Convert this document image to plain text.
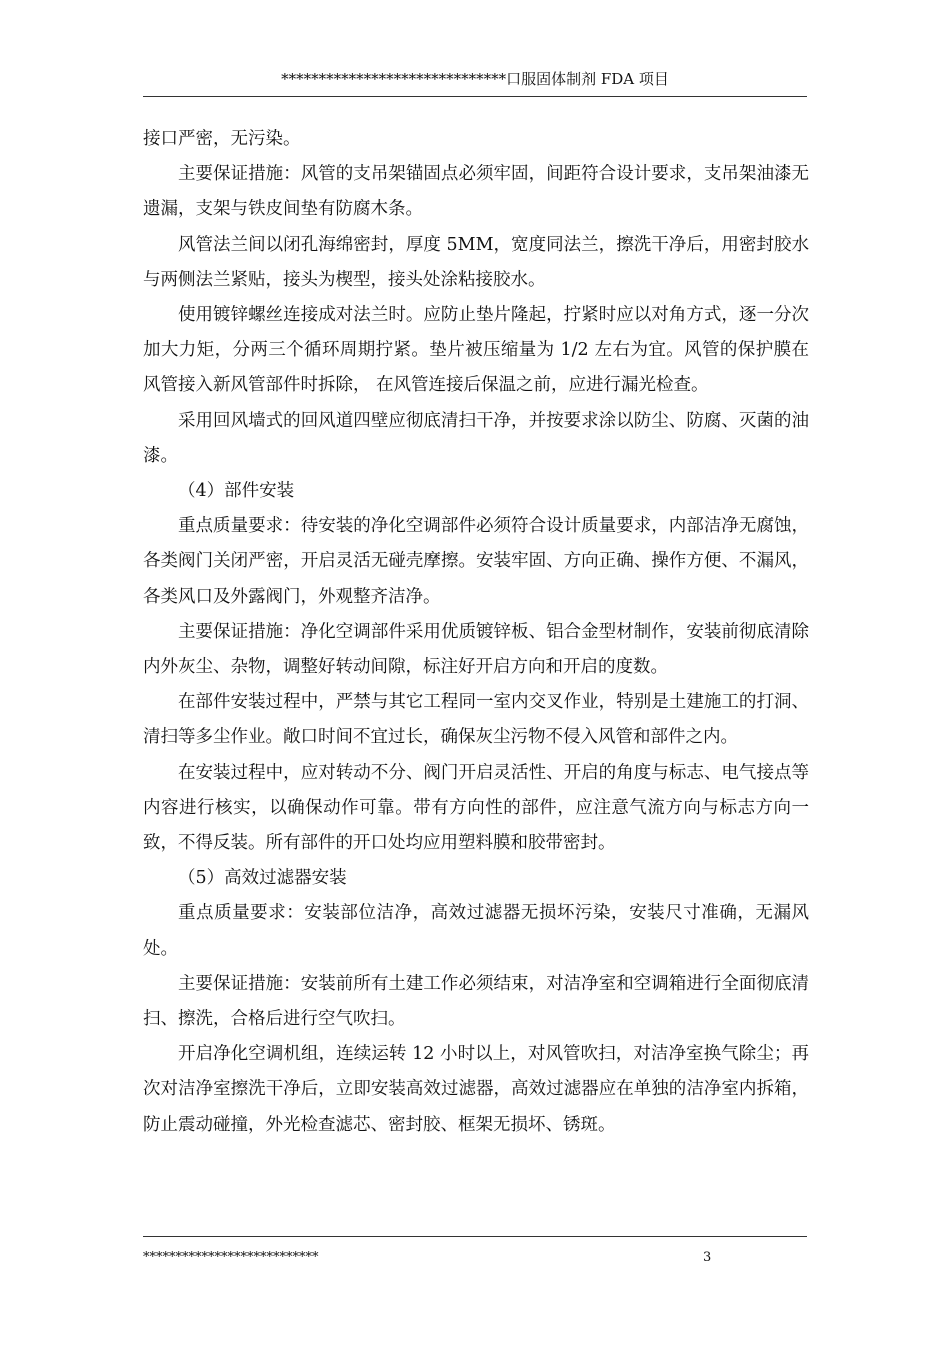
******************************口服固体制剂 FDA 项目

接口严密，无污染。

主要保证措施：风管的支吊架锚固点必须牢固，间距符合设计要求，支吊架油漆无遗漏，支架与铁皮间垫有防腐木条。

风管法兰间以闭孔海绵密封，厚度 5MM，宽度同法兰，擦洗干净后，用密封胶水与两侧法兰紧贴，接头为楔型，接头处涂粘接胶水。

使用镀锌螺丝连接成对法兰时。应防止垫片隆起，拧紧时应以对角方式，逐一分次加大力矩，分两三个循环周期拧紧。垫片被压缩量为 1/2 左右为宜。风管的保护膜在风管接入新风管部件时拆除， 在风管连接后保温之前，应进行漏光检查。

采用回风墙式的回风道四壁应彻底清扫干净，并按要求涂以防尘、防腐、灭菌的油漆。

（4）部件安装

重点质量要求：待安装的净化空调部件必须符合设计质量要求，内部洁净无腐蚀，各类阀门关闭严密，开启灵活无碰壳摩擦。安装牢固、方向正确、操作方便、不漏风，各类风口及外露阀门，外观整齐洁净。

主要保证措施：净化空调部件采用优质镀锌板、铝合金型材制作，安装前彻底清除内外灰尘、杂物，调整好转动间隙，标注好开启方向和开启的度数。

在部件安装过程中，严禁与其它工程同一室内交叉作业，特别是土建施工的打洞、清扫等多尘作业。敞口时间不宜过长，确保灰尘污物不侵入风管和部件之内。

在安装过程中，应对转动不分、阀门开启灵活性、开启的角度与标志、电气接点等内容进行核实，以确保动作可靠。带有方向性的部件，应注意气流方向与标志方向一致，不得反装。所有部件的开口处均应用塑料膜和胶带密封。

（5）高效过滤器安装

重点质量要求：安装部位洁净，高效过滤器无损坏污染，安装尺寸准确，无漏风处。

主要保证措施：安装前所有土建工作必须结束，对洁净室和空调箱进行全面彻底清扫、擦洗，合格后进行空气吹扫。

开启净化空调机组，连续运转 12 小时以上，对风管吹扫，对洁净室换气除尘；再次对洁净室擦洗干净后，立即安装高效过滤器，高效过滤器应在单独的洁净室内拆箱，防止震动碰撞，外光检查滤芯、密封胶、框架无损坏、锈斑。

***************************	3
